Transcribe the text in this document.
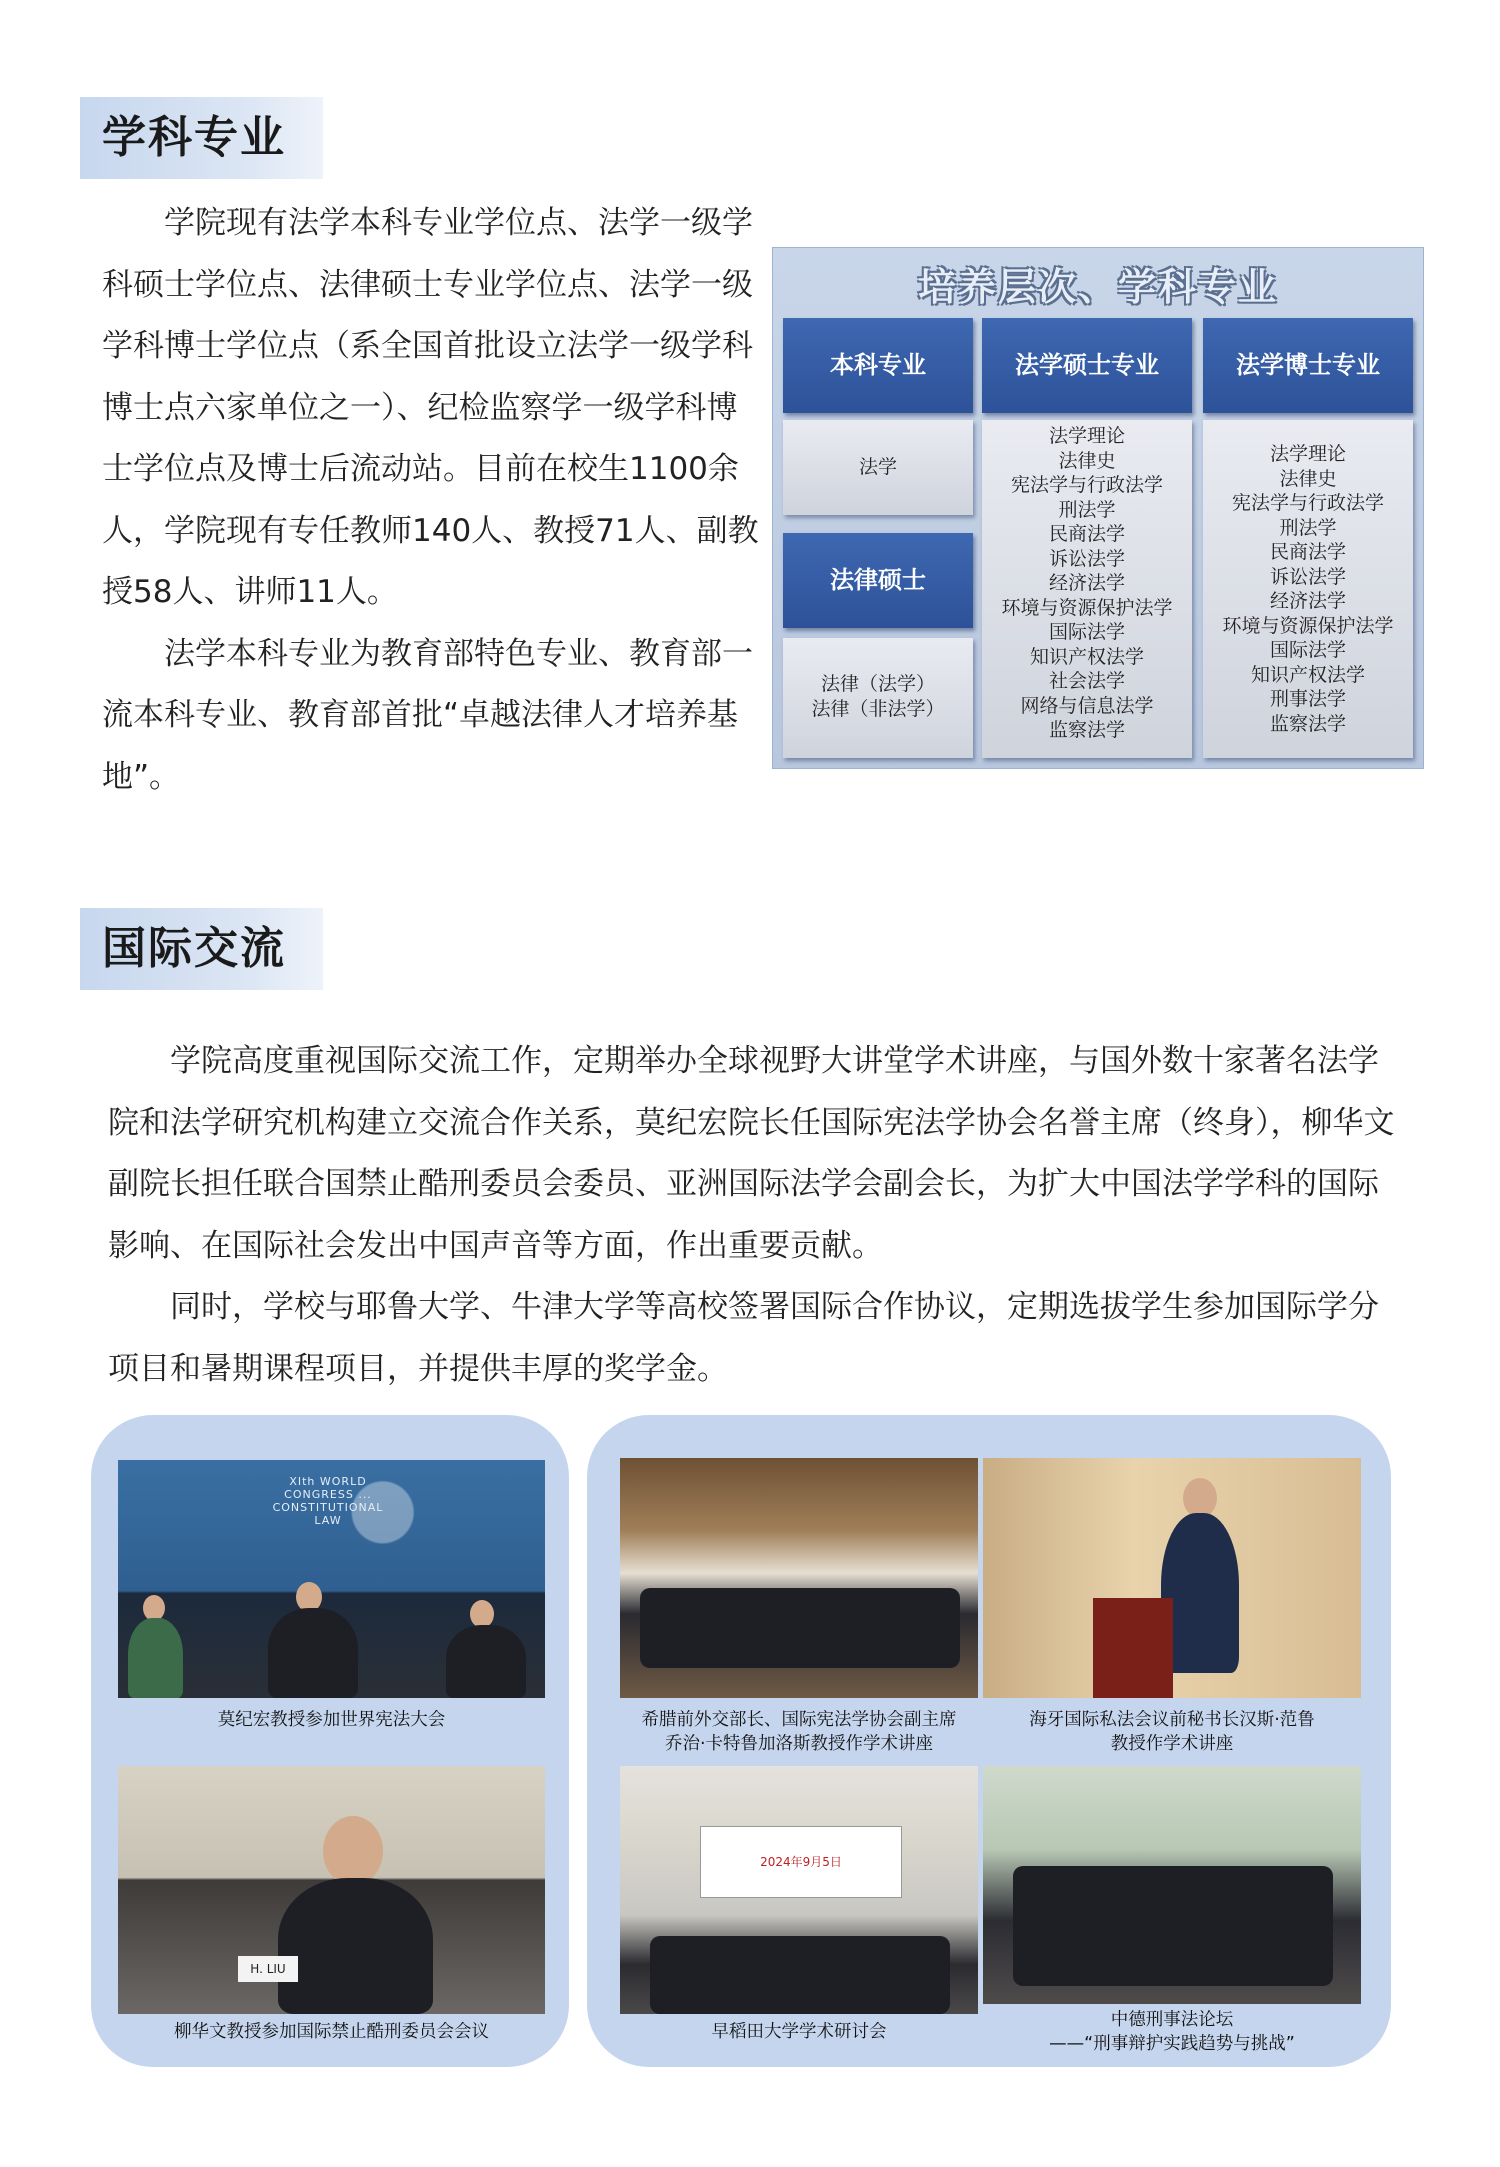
学科专业

学院现有法学本科专业学位点、法学一级学科硕士学位点、法律硕士专业学位点、法学一级学科博士学位点（系全国首批设立法学一级学科博士点六家单位之一）、纪检监察学一级学科博士学位点及博士后流动站。目前在校生1100余人，学院现有专任教师140人、教授71人、副教授58人、讲师11人。

法学本科专业为教育部特色专业、教育部一流本科专业、教育部首批“卓越法律人才培养基地”。

培养层次、学科专业
本科专业
法学
法律硕士
法律（法学）
法律（非法学）
法学硕士专业
法学理论
法律史
宪法学与行政法学
刑法学
民商法学
诉讼法学
经济法学
环境与资源保护法学
国际法学
知识产权法学
社会法学
网络与信息法学
监察法学
法学博士专业
法学理论
法律史
宪法学与行政法学
刑法学
民商法学
诉讼法学
经济法学
环境与资源保护法学
国际法学
知识产权法学
刑事法学
监察法学
国际交流

学院高度重视国际交流工作，定期举办全球视野大讲堂学术讲座，与国外数十家著名法学院和法学研究机构建立交流合作关系，莫纪宏院长任国际宪法学协会名誉主席（终身），柳华文副院长担任联合国禁止酷刑委员会委员、亚洲国际法学会副会长，为扩大中国法学学科的国际影响、在国际社会发出中国声音等方面，作出重要贡献。

同时，学校与耶鲁大学、牛津大学等高校签署国际合作协议，定期选拔学生参加国际学分项目和暑期课程项目，并提供丰厚的奖学金。

XIth WORLD CONGRESS ... CONSTITUTIONAL LAW
莫纪宏教授参加世界宪法大会
H. LIU
柳华文教授参加国际禁止酷刑委员会会议
希腊前外交部长、国际宪法学协会副主席
乔治·卡特鲁加洛斯教授作学术讲座
海牙国际私法会议前秘书长汉斯·范鲁
教授作学术讲座
2024年9月5日
早稻田大学学术研讨会
中德刑事法论坛
——“刑事辩护实践趋势与挑战”
